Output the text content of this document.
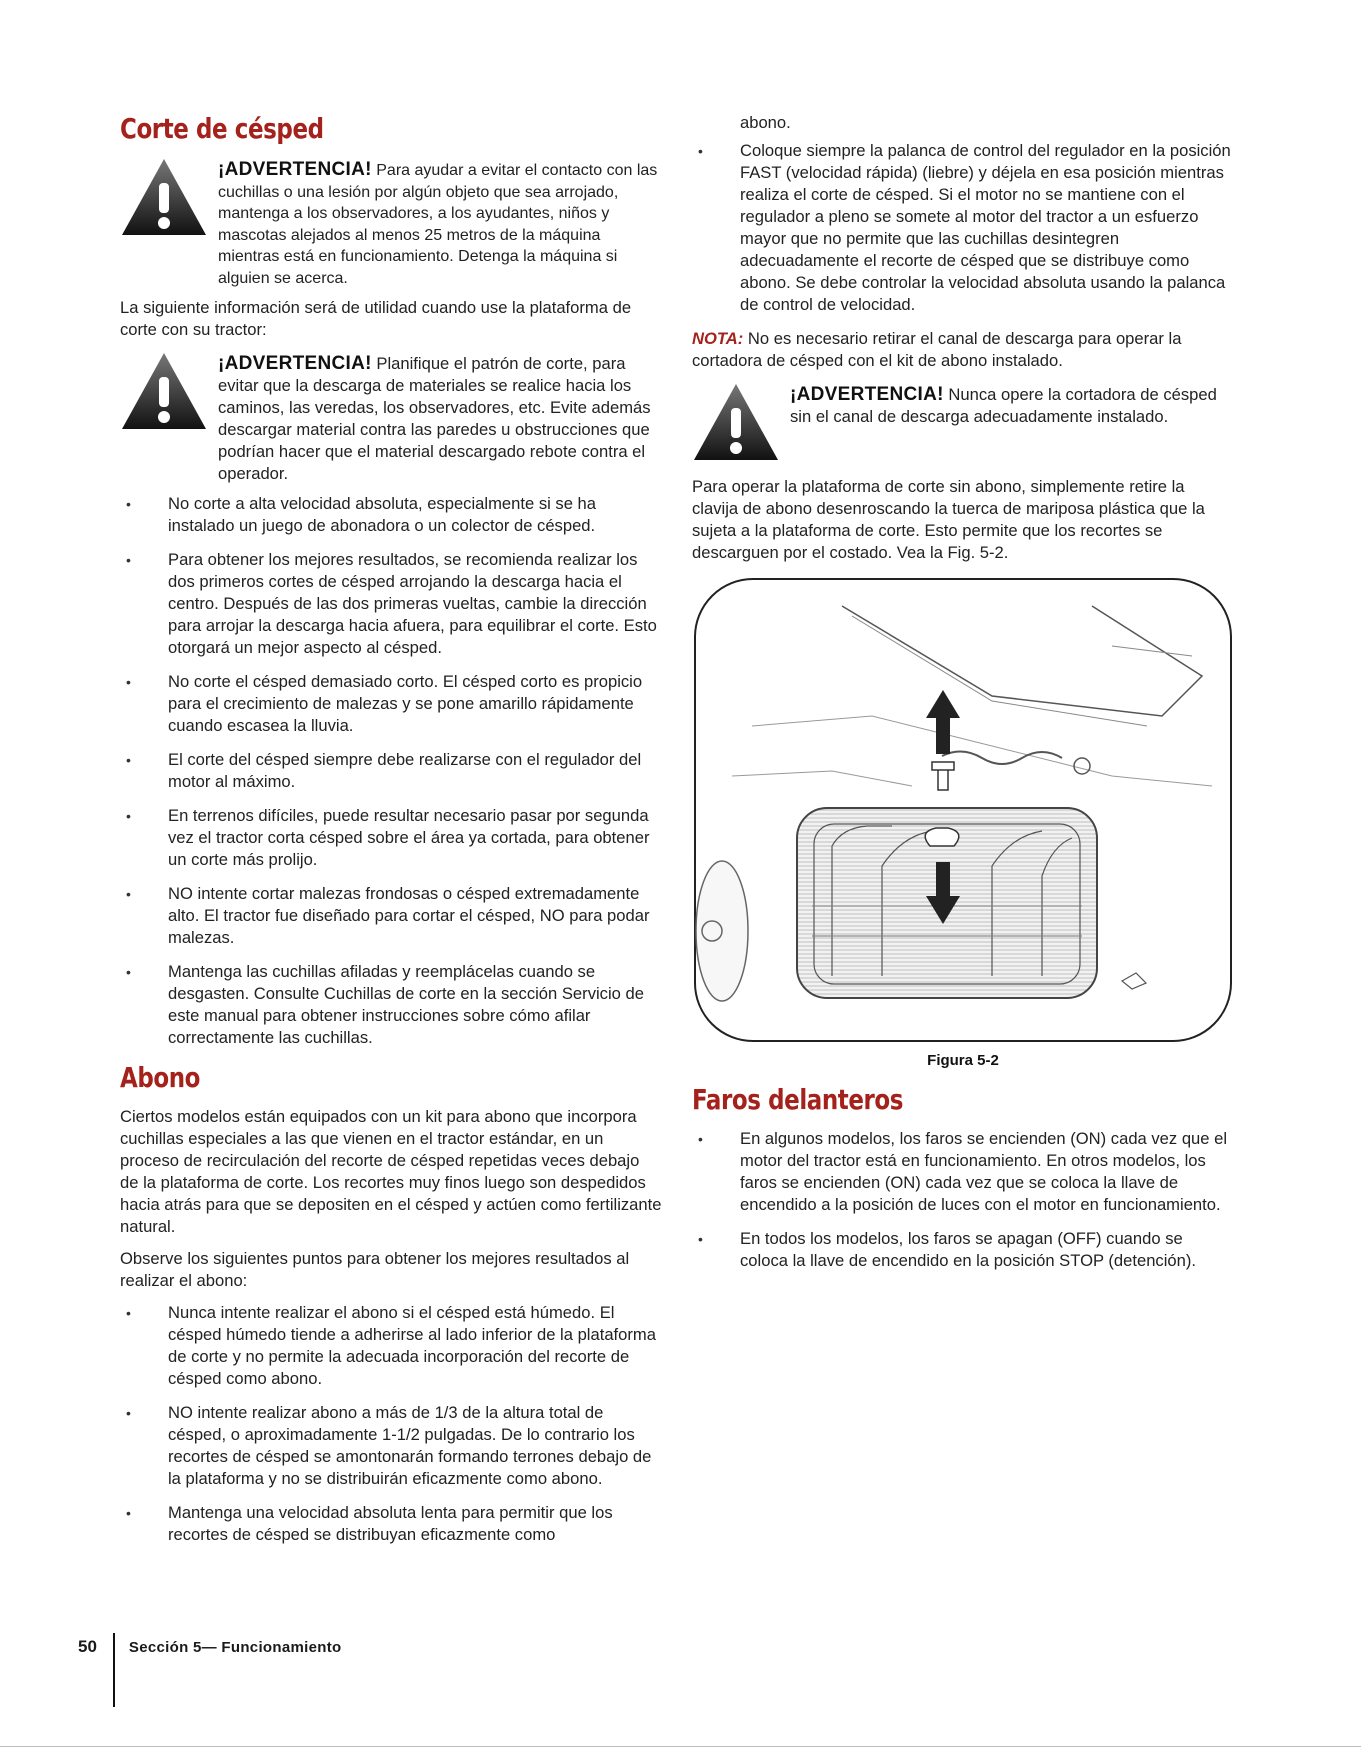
Corte de césped
¡ADVERTENCIA! Para ayudar a evitar el contacto con las cuchillas o una lesión por algún objeto que sea arrojado, mantenga a los observadores, a los ayudantes, niños y mascotas alejados al menos 25 metros de la máquina mientras está en funcionamiento. Detenga la máquina si alguien se acerca.

La siguiente información será de utilidad cuando use la plataforma de corte con su tractor:

¡ADVERTENCIA! Planifique el patrón de corte, para evitar que la descarga de materiales se realice hacia los caminos, las veredas, los observadores, etc. Evite además descargar material contra las paredes u obstrucciones que podrían hacer que el material descargado rebote contra el operador.
• No corte a alta velocidad absoluta, especialmente si se ha instalado un juego de abonadora o un colector de césped.
• Para obtener los mejores resultados, se recomienda realizar los dos primeros cortes de césped arrojando la descarga hacia el centro. Después de las dos primeras vueltas, cambie la dirección para arrojar la descarga hacia afuera, para equilibrar el corte. Esto otorgará un mejor aspecto al césped.
• No corte el césped demasiado corto. El césped corto es propicio para el crecimiento de malezas y se pone amarillo rápidamente cuando escasea la lluvia.
• El corte del césped siempre debe realizarse con el regulador del motor al máximo.
• En terrenos difíciles, puede resultar necesario pasar por segunda vez el tractor corta césped sobre el área ya cortada, para obtener un corte más prolijo.
• NO intente cortar malezas frondosas o césped extremadamente alto. El tractor fue diseñado para cortar el césped, NO para podar malezas.
• Mantenga las cuchillas afiladas y reemplácelas cuando se desgasten. Consulte Cuchillas de corte en la sección Servicio de este manual para obtener instrucciones sobre cómo afilar correctamente las cuchillas.
Abono

Ciertos modelos están equipados con un kit para abono que incorpora cuchillas especiales a las que vienen en el tractor estándar, en un proceso de recirculación del recorte de césped repetidas veces debajo de la plataforma de corte. Los recortes muy finos luego son despedidos hacia atrás para que se depositen en el césped y actúen como fertilizante natural.

Observe los siguientes puntos para obtener los mejores resultados al realizar el abono:

• Nunca intente realizar el abono si el césped está húmedo. El césped húmedo tiende a adherirse al lado inferior de la plataforma de corte y no permite la adecuada incorporación del recorte de césped como abono.
• NO intente realizar abono a más de 1/3 de la altura total de césped, o aproximadamente 1-1/2 pulgadas. De lo contrario los recortes de césped se amontonarán formando terrones debajo de la plataforma y no se distribuirán eficazmente como abono.
• Mantenga una velocidad absoluta lenta para permitir que los recortes de césped se distribuyan eficazmente como

abono.

• Coloque siempre la palanca de control del regulador en la posición FAST (velocidad rápida) (liebre) y déjela en esa posición mientras realiza el corte de césped. Si el motor no se mantiene con el regulador a pleno se somete al motor del tractor a un esfuerzo mayor que no permite que las cuchillas desintegren adecuadamente el recorte de césped que se distribuye como abono. Se debe controlar la velocidad absoluta usando la palanca de control de velocidad.

NOTA: No es necesario retirar el canal de descarga para operar la cortadora de césped con el kit de abono instalado.

¡ADVERTENCIA! Nunca opere la cortadora de césped sin el canal de descarga adecuadamente instalado.

Para operar la plataforma de corte sin abono, simplemente retire la clavija de abono desenroscando la tuerca de mariposa plástica que la sujeta a la plataforma de corte. Esto permite que los recortes se descarguen por el costado. Vea la Fig. 5-2.

Figura 5-2
Faros delanteros
• En algunos modelos, los faros se encienden (ON) cada vez que el motor del tractor está en funcionamiento. En otros modelos, los faros se encienden (ON) cada vez que se coloca la llave de encendido a la posición de luces con el motor en funcionamiento.
• En todos los modelos, los faros se apagan (OFF) cuando se coloca la llave de encendido en la posición STOP (detención).
50 Sección 5— Funcionamiento
